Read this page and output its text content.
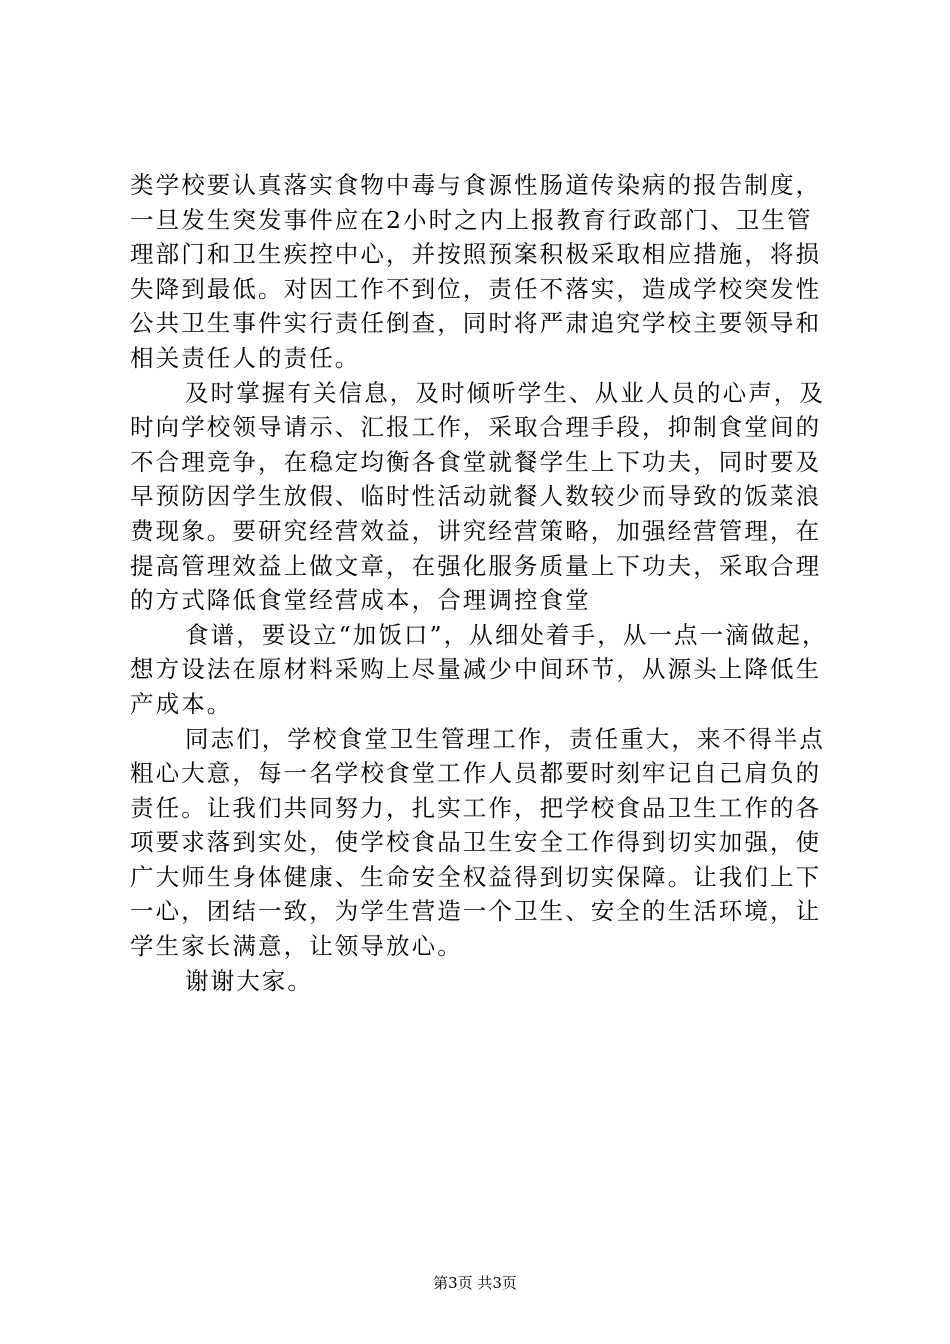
类学校要认真落实食物中毒与食源性肠道传染病的报告制度，
一旦发生突发事件应在2小时之内上报教育行政部门、卫生管
理部门和卫生疾控中心，并按照预案积极采取相应措施，将损
失降到最低。对因工作不到位，责任不落实，造成学校突发性
公共卫生事件实行责任倒查，同时将严肃追究学校主要领导和
相关责任人的责任。
及时掌握有关信息，及时倾听学生、从业人员的心声，及
时向学校领导请示、汇报工作，采取合理手段，抑制食堂间的
不合理竞争，在稳定均衡各食堂就餐学生上下功夫，同时要及
早预防因学生放假、临时性活动就餐人数较少而导致的饭菜浪
费现象。要研究经营效益，讲究经营策略，加强经营管理，在
提高管理效益上做文章，在强化服务质量上下功夫，采取合理
的方式降低食堂经营成本，合理调控食堂
食谱，要设立“加饭口”，从细处着手，从一点一滴做起，
想方设法在原材料采购上尽量减少中间环节，从源头上降低生
产成本。
同志们，学校食堂卫生管理工作，责任重大，来不得半点
粗心大意，每一名学校食堂工作人员都要时刻牢记自己肩负的
责任。让我们共同努力，扎实工作，把学校食品卫生工作的各
项要求落到实处，使学校食品卫生安全工作得到切实加强，使
广大师生身体健康、生命安全权益得到切实保障。让我们上下
一心，团结一致，为学生营造一个卫生、安全的生活环境，让
学生家长满意，让领导放心。
谢谢大家。
第3页 共3页
